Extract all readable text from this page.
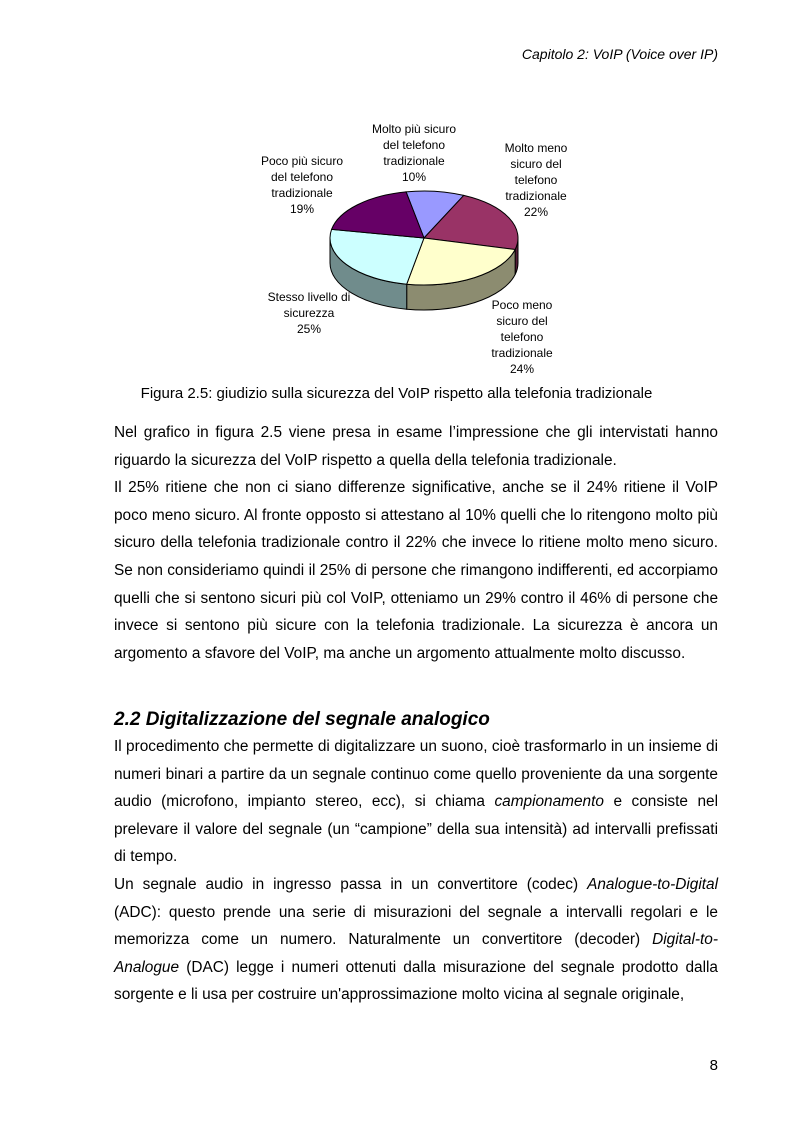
Capitolo 2: VoIP (Voice over IP)
Molto più sicuro del telefono tradizionale 10%
Molto meno sicuro del telefono tradizionale 22%
Poco meno sicuro del telefono tradizionale 24%
Stesso livello di sicurezza 25%
Poco più sicuro del telefono tradizionale 19%
Figura 2.5: giudizio sulla sicurezza del VoIP rispetto alla telefonia tradizionale

Nel grafico in figura 2.5 viene presa in esame l’impressione che gli intervistati hanno riguardo la sicurezza del VoIP rispetto a quella della telefonia tradizionale.

Il 25% ritiene che non ci siano differenze significative, anche se il 24% ritiene il VoIP poco meno sicuro. Al fronte opposto si attestano al 10% quelli che lo ritengono molto più sicuro della telefonia tradizionale contro il 22% che invece lo ritiene molto meno sicuro. Se non consideriamo quindi il 25% di persone che rimangono indifferenti, ed accorpiamo quelli che si sentono sicuri più col VoIP, otteniamo un 29% contro il 46% di persone che invece si sentono più sicure con la telefonia tradizionale. La sicurezza è ancora un argomento a sfavore del VoIP, ma anche un argomento attualmente molto discusso.

2.2 Digitalizzazione del segnale analogico

Il procedimento che permette di digitalizzare un suono, cioè trasformarlo in un insieme di numeri binari a partire da un segnale continuo come quello proveniente da una sorgente audio (microfono, impianto stereo, ecc), si chiama campionamento e consiste nel prelevare il valore del segnale (un “campione” della sua intensità) ad intervalli prefissati di tempo.

Un segnale audio in ingresso passa in un convertitore (codec) Analogue-to-Digital (ADC): questo prende una serie di misurazioni del segnale a intervalli regolari e le memorizza come un numero. Naturalmente un convertitore (decoder) Digital-to-Analogue (DAC) legge i numeri ottenuti dalla misurazione del segnale prodotto dalla sorgente e li usa per costruire un'approssimazione molto vicina al segnale originale,

8
